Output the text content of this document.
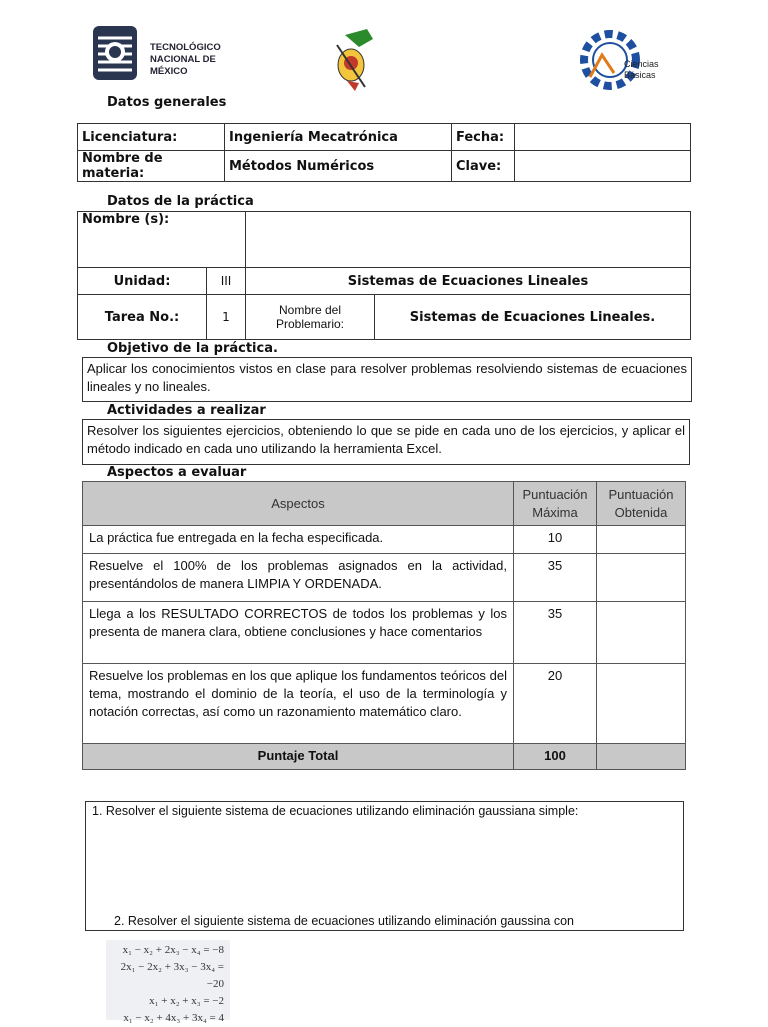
TECNOLÓGICO
NACIONAL DE MÉXICO
Ciencias
Básicas
Datos generales
Licenciatura:	Ingeniería Mecatrónica	Fecha:	
Nombre de materia:	Métodos Numéricos	Clave:	
Datos de la práctica
Nombre (s):			
Unidad:	III	Sistemas de Ecuaciones Lineales	
Tarea No.:	1	Nombre del Problemario:	Sistemas de Ecuaciones Lineales.
Objetivo de la práctica.
Aplicar los conocimientos vistos en clase para resolver problemas resolviendo sistemas de ecuaciones lineales y no lineales.
Actividades a realizar
Resolver los siguientes ejercicios, obteniendo lo que se pide en cada uno de los ejercicios, y aplicar el método indicado en cada uno utilizando la herramienta Excel.
Aspectos a evaluar
Aspectos	Puntuación Máxima	Puntuación Obtenida
La práctica fue entregada en la fecha especificada.	10	
Resuelve el 100% de los problemas asignados en la actividad, presentándolos de manera LIMPIA Y ORDENADA.	35	
Llega a los RESULTADO CORRECTOS de todos los problemas y los presenta de manera clara, obtiene conclusiones y hace comentarios	35	
Resuelve los problemas en los que aplique los fundamentos teóricos del tema, mostrando el dominio de la teoría, el uso de la terminología y notación correctas, así como un razonamiento matemático claro.	20	
Puntaje Total	100	
1. Resolver el siguiente sistema de ecuaciones utilizando eliminación gaussiana simple:
2. Resolver el siguiente sistema de ecuaciones utilizando eliminación gaussina con
x₁ − x₂ + 2x₃ − x₄ = −8
2x₁ − 2x₂ + 3x₃ − 3x₄ = −20
x₁ + x₂ + x₃ = −2
x₁ − x₂ + 4x₃ + 3x₄ = 4
